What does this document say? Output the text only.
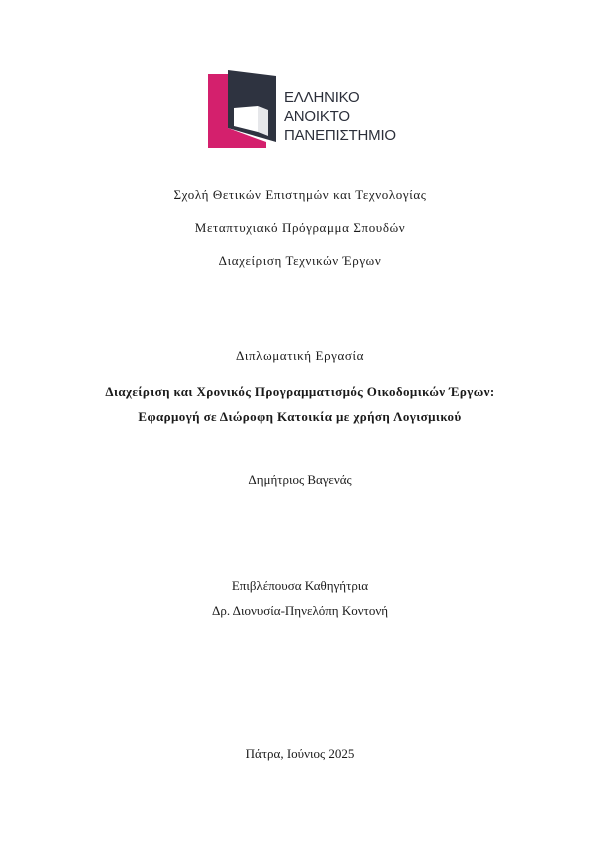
ΕΛΛΗΝΙΚΟ
ΑΝΟΙΚΤΟ
ΠΑΝΕΠΙΣΤΗΜΙΟ
Σχολή Θετικών Επιστημών και Τεχνολογίας
Μεταπτυχιακό Πρόγραμμα Σπουδών
Διαχείριση Τεχνικών Έργων
Διπλωματική Εργασία
Διαχείριση και Χρονικός Προγραμματισμός Οικοδομικών Έργων:
Εφαρμογή σε Διώροφη Κατοικία με χρήση Λογισμικού
Δημήτριος Βαγενάς
Επιβλέπουσα Καθηγήτρια
Δρ. Διονυσία-Πηνελόπη Κοντονή
Πάτρα, Ιούνιος 2025
